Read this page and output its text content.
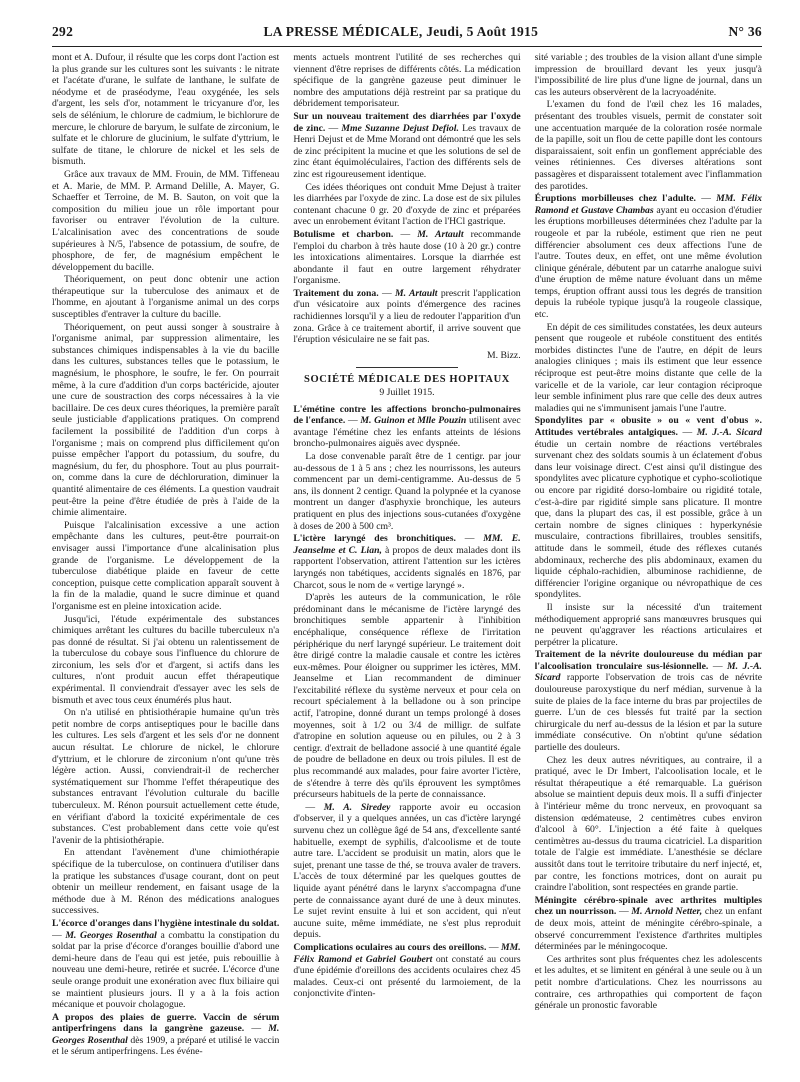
292	LA PRESSE MÉDICALE, Jeudi, 5 Août 1915	N° 36

mont et A. Dufour, il résulte que les corps dont l'action est la plus grande sur les cultures sont les suivants : le nitrate et l'acétate d'urane, le sulfate de lanthane, le sulfate de néodyme et de praséodyme, l'eau oxygénée, les sels d'argent, les sels d'or, notamment le tricyanure d'or, les sels de sélénium, le chlorure de cadmium, le bichlorure de mercure, le chlorure de baryum, le sulfate de zirconium, le sulfate et le chlorure de glucinium, le sulfate d'yttrium, le sulfate de titane, le chlorure de nickel et les sels de bismuth.

Grâce aux travaux de MM. Frouin, de MM. Tiffeneau et A. Marie, de MM. P. Armand Delille, A. Mayer, G. Schaeffer et Terroine, de M. B. Sauton, on voit que la composition du milieu joue un rôle important pour favoriser ou entraver l'évolution de la culture. L'alcalinisation avec des concentrations de soude supérieures à N/5, l'absence de potassium, de soufre, de phosphore, de fer, de magnésium empêchent le développement du bacille.

Théoriquement, on peut donc obtenir une action thérapeutique sur la tuberculose des animaux et de l'homme, en ajoutant à l'organisme animal un des corps susceptibles d'entraver la culture du bacille.

Théoriquement, on peut aussi songer à soustraire à l'organisme animal, par suppression alimentaire, les substances chimiques indispensables à la vie du bacille dans les cultures, substances telles que le potassium, le magnésium, le phosphore, le soufre, le fer. On pourrait même, à la cure d'addition d'un corps bactéricide, ajouter une cure de soustraction des corps nécessaires à la vie bacillaire. De ces deux cures théoriques, la première paraît seule justiciable d'applications pratiques. On comprend facilement la possibilité de l'addition d'un corps à l'organisme ; mais on comprend plus difficilement qu'on puisse empêcher l'apport du potassium, du soufre, du magnésium, du fer, du phosphore. Tout au plus pourrait-on, comme dans la cure de déchloruration, diminuer la quantité alimentaire de ces éléments. La question vaudrait peut-être la peine d'être étudiée de près à l'aide de la chimie alimentaire.

Puisque l'alcalinisation excessive a une action empêchante dans les cultures, peut-être pourrait-on envisager aussi l'importance d'une alcalinisation plus grande de l'organisme. Le développement de la tuberculose diabétique plaide en faveur de cette conception, puisque cette complication apparaît souvent à la fin de la maladie, quand le sucre diminue et quand l'organisme est en pleine intoxication acide.

Jusqu'ici, l'étude expérimentale des substances chimiques arrêtant les cultures du bacille tuberculeux n'a pas donné de résultat. Si j'ai obtenu un ralentissement de la tuberculose du cobaye sous l'influence du chlorure de zirconium, les sels d'or et d'argent, si actifs dans les cultures, n'ont produit aucun effet thérapeutique expérimental. Il conviendrait d'essayer avec les sels de bismuth et avec tous ceux énumérés plus haut.

On n'a utilisé en phtisiothérapie humaine qu'un très petit nombre de corps antiseptiques pour le bacille dans les cultures. Les sels d'argent et les sels d'or ne donnent aucun résultat. Le chlorure de nickel, le chlorure d'yttrium, et le chlorure de zirconium n'ont qu'une très légère action. Aussi, conviendrait-il de rechercher systématiquement sur l'homme l'effet thérapeutique des substances entravant l'évolution culturale du bacille tuberculeux. M. Rénon poursuit actuellement cette étude, en vérifiant d'abord la toxicité expérimentale de ces substances. C'est probablement dans cette voie qu'est l'avenir de la phtisiothérapie.

En attendant l'avènement d'une chimiothérapie spécifique de la tuberculose, on continuera d'utiliser dans la pratique les substances d'usage courant, dont on peut obtenir un meilleur rendement, en faisant usage de la méthode due à M. Rénon des médications analogues successives.

L'écorce d'oranges dans l'hygiène intestinale du soldat. — M. Georges Rosenthal a combattu la constipation du soldat par la prise d'écorce d'oranges bouillie d'abord une demi-heure dans de l'eau qui est jetée, puis rebouillie à nouveau une demi-heure, retirée et sucrée. L'écorce d'une seule orange produit une exonération avec flux biliaire qui se maintient plusieurs jours. Il y a à la fois action mécanique et pouvoir cholagogue.

A propos des plaies de guerre. Vaccin de sérum antiperfringens dans la gangrène gazeuse. — M. Georges Rosenthal dès 1909, a préparé et utilisé le vaccin et le sérum antiperfringens. Les événe-

ments actuels montrent l'utilité de ses recherches qui viennent d'être reprises de différents côtés. La médication spécifique de la gangrène gazeuse peut diminuer le nombre des amputations déjà restreint par sa pratique du débridement temporisateur.

Sur un nouveau traitement des diarrhées par l'oxyde de zinc. — Mme Suzanne Dejust Defiol. Les travaux de Henri Dejust et de Mme Morand ont démontré que les sels de zinc précipitent la mucine et que les solutions de sel de zinc étant équimoléculaires, l'action des différents sels de zinc est rigoureusement identique.

Ces idées théoriques ont conduit Mme Dejust à traiter les diarrhées par l'oxyde de zinc. La dose est de six pilules contenant chacune 0 gr. 20 d'oxyde de zinc et préparées avec un enrobement évitant l'action de l'HCl gastrique.

Botulisme et charbon. — M. Artault recommande l'emploi du charbon à très haute dose (10 à 20 gr.) contre les intoxications alimentaires. Lorsque la diarrhée est abondante il faut en outre largement réhydrater l'organisme.

Traitement du zona. — M. Artault prescrit l'application d'un vésicatoire aux points d'émergence des racines rachidiennes lorsqu'il y a lieu de redouter l'apparition d'un zona. Grâce à ce traitement abortif, il arrive souvent que l'éruption vésiculaire ne se fait pas.

M. Bizz.

SOCIÉTÉ MÉDICALE DES HOPITAUX

9 Juillet 1915.

L'émétine contre les affections broncho-pulmonaires de l'enfance. — M. Guinon et Mlle Pouzin utilisent avec avantage l'émétine chez les enfants atteints de lésions broncho-pulmonaires aiguës avec dyspnée.

La dose convenable paraît être de 1 centigr. par jour au-dessous de 1 à 5 ans ; chez les nourrissons, les auteurs commencent par un demi-centigramme. Au-dessus de 5 ans, ils donnent 2 centigr. Quand la polypnée et la cyanose montrent un danger d'asphyxie bronchique, les auteurs pratiquent en plus des injections sous-cutanées d'oxygène à doses de 200 à 500 cm³.

L'ictère laryngé des bronchitiques. — MM. E. Jeanselme et C. Lian, à propos de deux malades dont ils rapportent l'observation, attirent l'attention sur les ictères laryngés non tabétiques, accidents signalés en 1876, par Charcot, sous le nom de « vertige laryngé ».

D'après les auteurs de la communication, le rôle prédominant dans le mécanisme de l'ictère laryngé des bronchitiques semble appartenir à l'inhibition encéphalique, conséquence réflexe de l'irritation périphérique du nerf laryngé supérieur. Le traitement doit être dirigé contre la maladie causale et contre les ictères eux-mêmes. Pour éloigner ou supprimer les ictères, MM. Jeanselme et Lian recommandent de diminuer l'excitabilité réflexe du système nerveux et pour cela on recourt spécialement à la belladone ou à son principe actif, l'atropine, donné durant un temps prolongé à doses moyennes, soit à 1/2 ou 3/4 de milligr. de sulfate d'atropine en solution aqueuse ou en pilules, ou 2 à 3 centigr. d'extrait de belladone associé à une quantité égale de poudre de belladone en deux ou trois pilules. Il est de plus recommandé aux malades, pour faire avorter l'ictère, de s'étendre à terre dès qu'ils éprouvent les symptômes précurseurs habituels de la perte de connaissance.

— M. A. Siredey rapporte avoir eu occasion d'observer, il y a quelques années, un cas d'ictère laryngé survenu chez un collègue âgé de 54 ans, d'excellente santé habituelle, exempt de syphilis, d'alcoolisme et de toute autre tare. L'accident se produisit un matin, alors que le sujet, prenant une tasse de thé, se trouva avaler de travers. L'accès de toux déterminé par les quelques gouttes de liquide ayant pénétré dans le larynx s'accompagna d'une perte de connaissance ayant duré de une à deux minutes. Le sujet revint ensuite à lui et son accident, qui n'eut aucune suite, même immédiate, ne s'est plus reproduit depuis.

Complications oculaires au cours des oreillons. — MM. Félix Ramond et Gabriel Goubert ont constaté au cours d'une épidémie d'oreillons des accidents oculaires chez 45 malades. Ceux-ci ont présenté du larmoiement, de la conjonctivite d'inten-

sité variable ; des troubles de la vision allant d'une simple impression de brouillard devant les yeux jusqu'à l'impossibilité de lire plus d'une ligne de journal, dans un cas les auteurs observèrent de la lacryoadénite.

L'examen du fond de l'œil chez les 16 malades, présentant des troubles visuels, permit de constater soit une accentuation marquée de la coloration rosée normale de la papille, soit un flou de cette papille dont les contours disparaissaient, soit enfin un gonflement appréciable des veines rétiniennes. Ces diverses altérations sont passagères et disparaissent totalement avec l'inflammation des parotides.

Éruptions morbilleuses chez l'adulte. — MM. Félix Ramond et Gustave Chambas ayant eu occasion d'étudier les éruptions morbilleuses déterminées chez l'adulte par la rougeole et par la rubéole, estiment que rien ne peut différencier absolument ces deux affections l'une de l'autre. Toutes deux, en effet, ont une même évolution clinique générale, débutent par un catarrhe analogue suivi d'une éruption de même nature évoluant dans un même temps, éruption offrant aussi tous les degrés de transition depuis la rubéole typique jusqu'à la rougeole classique, etc.

En dépit de ces similitudes constatées, les deux auteurs pensent que rougeole et rubéole constituent des entités morbides distinctes l'une de l'autre, en dépit de leurs analogies cliniques ; mais ils estiment que leur essence réciproque est peut-être moins distante que celle de la varicelle et de la variole, car leur contagion réciproque leur semble infiniment plus rare que celle des deux autres maladies qui ne s'immunisent jamais l'une l'autre.

Spondylites par « obusite » ou « vent d'obus ». Attitudes vertébrales antalgiques. — M. J.-A. Sicard étudie un certain nombre de réactions vertébrales survenant chez des soldats soumis à un éclatement d'obus dans leur voisinage direct. C'est ainsi qu'il distingue des spondylites avec plicature cyphotique et cypho-scoliotique ou encore par rigidité dorso-lombaire ou rigidité totale, c'est-à-dire par rigidité simple sans plicature. Il montre que, dans la plupart des cas, il est possible, grâce à un certain nombre de signes cliniques : hyperkynésie musculaire, contractions fibrillaires, troubles sensitifs, attitude dans le sommeil, étude des réflexes cutanés abdominaux, recherche des plis abdominaux, examen du liquide céphalo-rachidien, albuminose rachidienne, de différencier l'origine organique ou névropathique de ces spondylites.

Il insiste sur la nécessité d'un traitement méthodiquement approprié sans manœuvres brusques qui ne peuvent qu'aggraver les réactions articulaires et perpétrer la plicature.

Traitement de la névrite douloureuse du médian par l'alcoolisation tronculaire sus-lésionnelle. — M. J.-A. Sicard rapporte l'observation de trois cas de névrite douloureuse paroxystique du nerf médian, survenue à la suite de plaies de la face interne du bras par projectiles de guerre. L'un de ces blessés fut traité par la section chirurgicale du nerf au-dessus de la lésion et par la suture immédiate consécutive. On n'obtint qu'une sédation partielle des douleurs.

Chez les deux autres névritiques, au contraire, il a pratiqué, avec le Dr Imbert, l'alcoolisation locale, et le résultat thérapeutique a été remarquable. La guérison absolue se maintient depuis deux mois. Il a suffi d'injecter à l'intérieur même du tronc nerveux, en provoquant sa distension œdémateuse, 2 centimètres cubes environ d'alcool à 60°. L'injection a été faite à quelques centimètres au-dessus du trauma cicatriciel. La disparition totale de l'algie est immédiate. L'anesthésie se déclare aussitôt dans tout le territoire tributaire du nerf injecté, et, par contre, les fonctions motrices, dont on aurait pu craindre l'abolition, sont respectées en grande partie.

Méningite cérébro-spinale avec arthrites multiples chez un nourrisson. — M. Arnold Netter, chez un enfant de deux mois, atteint de méningite cérébro-spinale, a observé concurremment l'existence d'arthrites multiples déterminées par le méningocoque.

Ces arthrites sont plus fréquentes chez les adolescents et les adultes, et se limitent en général à une seule ou à un petit nombre d'articulations. Chez les nourrissons au contraire, ces arthropathies qui comportent de façon générale un pronostic favorable
